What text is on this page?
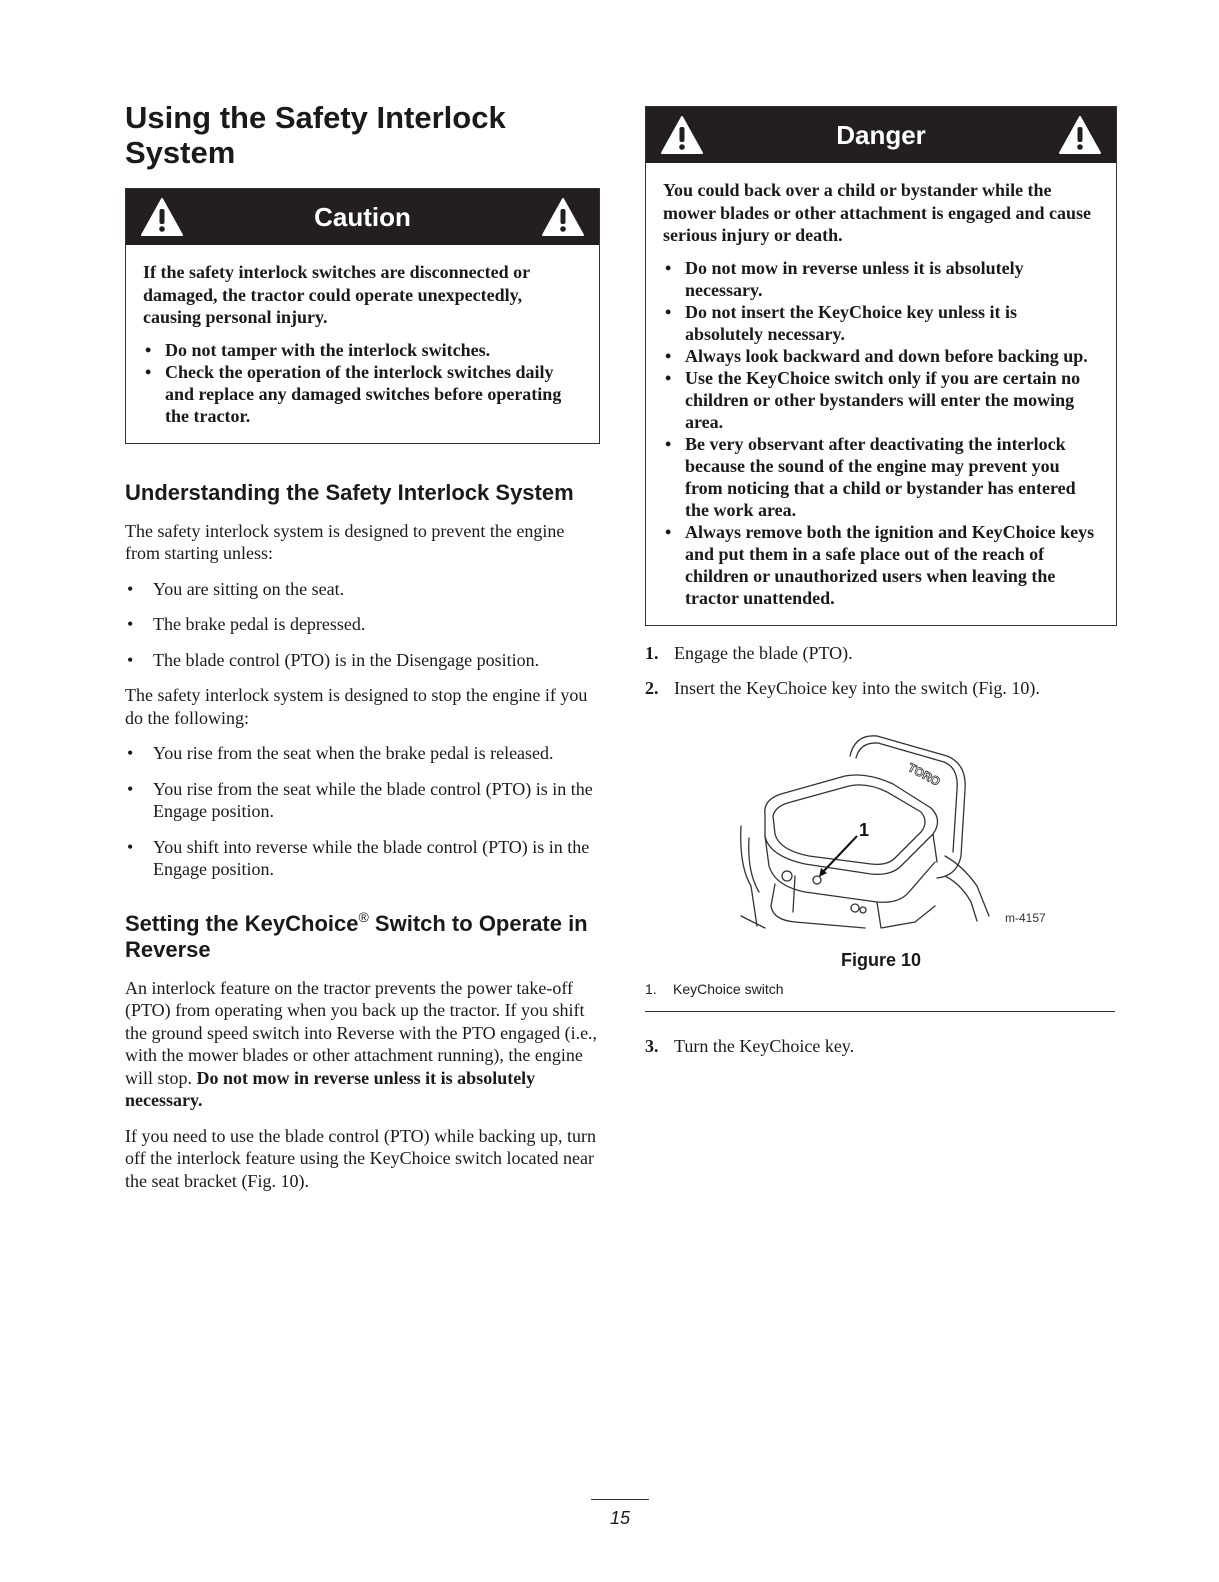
Using the Safety Interlock System
Caution

If the safety interlock switches are disconnected or damaged, the tractor could operate unexpectedly, causing personal injury.

• Do not tamper with the interlock switches.
• Check the operation of the interlock switches daily and replace any damaged switches before operating the tractor.
Understanding the Safety Interlock System

The safety interlock system is designed to prevent the engine from starting unless:

• You are sitting on the seat.
• The brake pedal is depressed.
• The blade control (PTO) is in the Disengage position.

The safety interlock system is designed to stop the engine if you do the following:

• You rise from the seat when the brake pedal is released.
• You rise from the seat while the blade control (PTO) is in the Engage position.
• You shift into reverse while the blade control (PTO) is in the Engage position.
Setting the KeyChoice® Switch to Operate in Reverse

An interlock feature on the tractor prevents the power take-off (PTO) from operating when you back up the tractor. If you shift the ground speed switch into Reverse with the PTO engaged (i.e., with the mower blades or other attachment running), the engine will stop. Do not mow in reverse unless it is absolutely necessary.

If you need to use the blade control (PTO) while backing up, turn off the interlock feature using the KeyChoice switch located near the seat bracket (Fig. 10).

Danger

You could back over a child or bystander while the mower blades or other attachment is engaged and cause serious injury or death.

• Do not mow in reverse unless it is absolutely necessary.
• Do not insert the KeyChoice key unless it is absolutely necessary.
• Always look backward and down before backing up.
• Use the KeyChoice switch only if you are certain no children or other bystanders will enter the mowing area.
• Be very observant after deactivating the interlock because the sound of the engine may prevent you from noticing that a child or bystander has entered the work area.
• Always remove both the ignition and KeyChoice keys and put them in a safe place out of the reach of children or unauthorized users when leaving the tractor unattended.
1. Engage the blade (PTO).
2. Insert the KeyChoice key into the switch (Fig. 10).
TORO
1
m-4157
Figure 10
1. KeyChoice switch
3. Turn the KeyChoice key.
15
